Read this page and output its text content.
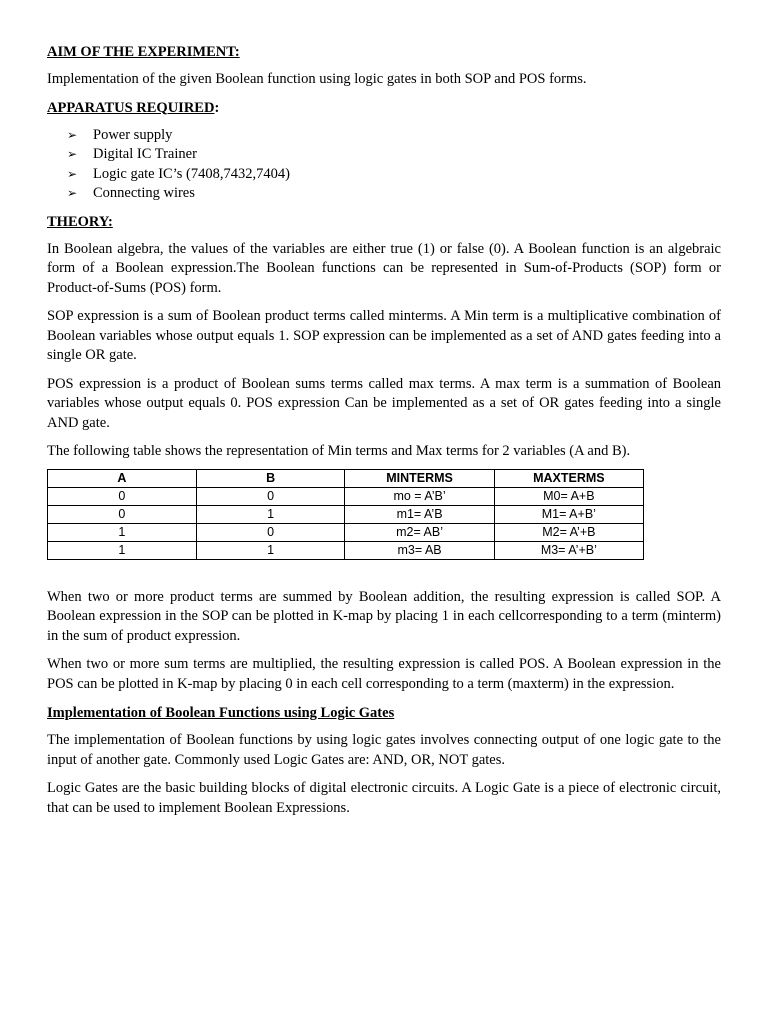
AIM OF THE EXPERIMENT:

Implementation of the given Boolean function using logic gates in both SOP and POS forms.

APPARATUS REQUIRED:

➢	Power supply
➢	Digital IC Trainer
➢	Logic gate IC’s (7408,7432,7404)
➢	Connecting wires

THEORY:

In Boolean algebra, the values of the variables are either true (1) or false (0). A Boolean function is an algebraic form of a Boolean expression.The Boolean functions can be represented in Sum-of-Products (SOP) form or Product-of-Sums (POS) form.

SOP expression is a sum of Boolean product terms called minterms. A Min term is a multiplicative combination of Boolean variables whose output equals 1. SOP expression can be implemented as a set of AND gates feeding into a single OR gate.

POS expression is a product of Boolean sums terms called max terms. A max term is a summation of Boolean variables whose output equals 0. POS expression Can be implemented as a set of OR gates feeding into a single AND gate.

The following table shows the representation of Min terms and Max terms for 2 variables (A and B).

A	B	MINTERMS	MAXTERMS
0	0	mo = A’B’	M0= A+B
0	1	m1= A’B	M1= A+B’
1	0	m2= AB’	M2= A’+B
1	1	m3= AB	M3= A’+B’

When two or more product terms are summed by Boolean addition, the resulting expression is called SOP. A Boolean expression in the SOP can be plotted in K-map by placing 1 in each cellcorresponding to a term (minterm) in the sum of product expression.

When two or more sum terms are multiplied, the resulting expression is called POS. A Boolean expression in the POS can be plotted in K-map by placing 0 in each cell corresponding to a term (maxterm) in the expression.

Implementation of Boolean Functions using Logic Gates

The implementation of Boolean functions by using logic gates involves connecting output of one logic gate to the input of another gate. Commonly used Logic Gates are: AND, OR, NOT gates.

Logic Gates are the basic building blocks of digital electronic circuits. A Logic Gate is a piece of electronic circuit, that can be used to implement Boolean Expressions.
